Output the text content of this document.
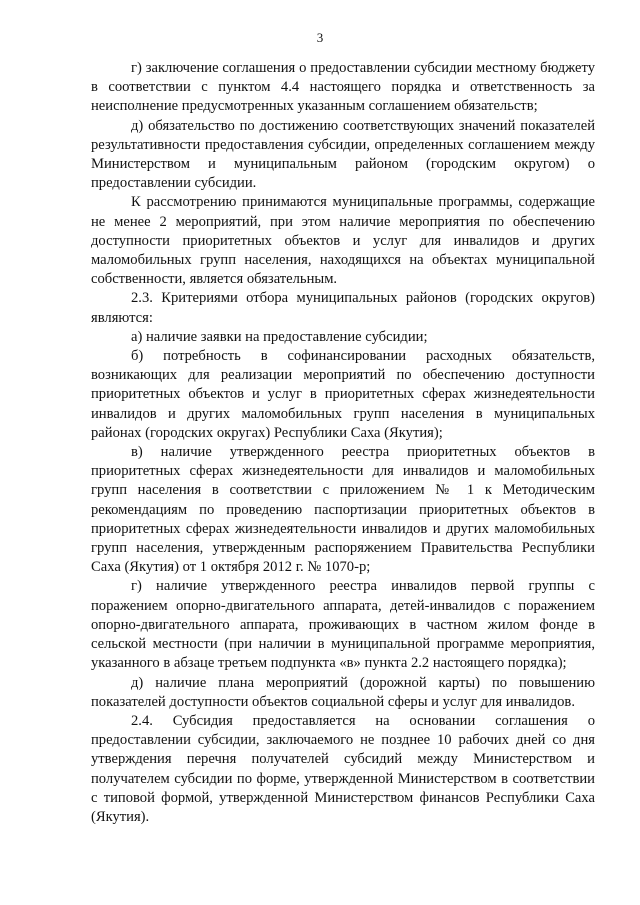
3

г) заключение соглашения о предоставлении субсидии местному бюджету в соответствии с пунктом 4.4 настоящего порядка и ответственность за неисполнение предусмотренных указанным соглашением обязательств;

д) обязательство по достижению соответствующих значений показателей результативности предоставления субсидии, определенных соглашением между Министерством и муниципальным районом (городским округом) о предоставлении субсидии.

К рассмотрению принимаются муниципальные программы, содержащие не менее 2 мероприятий, при этом наличие мероприятия по обеспечению доступности приоритетных объектов и услуг для инвалидов и других маломобильных групп населения, находящихся на объектах муниципальной собственности, является обязательным.

2.3. Критериями отбора муниципальных районов (городских округов) являются:

а) наличие заявки на предоставление субсидии;

б) потребность в софинансировании расходных обязательств, возникающих для реализации мероприятий по обеспечению доступности приоритетных объектов и услуг в приоритетных сферах жизнедеятельности инвалидов и других маломобильных групп населения в муниципальных районах (городских округах) Республики Саха (Якутия);

в) наличие утвержденного реестра приоритетных объектов в приоритетных сферах жизнедеятельности для инвалидов и маломобильных групп населения в соответствии с приложением № 1 к Методическим рекомендациям по проведению паспортизации приоритетных объектов в приоритетных сферах жизнедеятельности инвалидов и других маломобильных групп населения, утвержденным распоряжением Правительства Республики Саха (Якутия) от 1 октября 2012 г. № 1070-р;

г) наличие утвержденного реестра инвалидов первой группы с поражением опорно-двигательного аппарата, детей-инвалидов с поражением опорно-двигательного аппарата, проживающих в частном жилом фонде в сельской местности (при наличии в муниципальной программе мероприятия, указанного в абзаце третьем подпункта «в» пункта 2.2 настоящего порядка);

д) наличие плана мероприятий (дорожной карты) по повышению показателей доступности объектов социальной сферы и услуг для инвалидов.

2.4. Субсидия предоставляется на основании соглашения о предоставлении субсидии, заключаемого не позднее 10 рабочих дней со дня утверждения перечня получателей субсидий между Министерством и получателем субсидии по форме, утвержденной Министерством в соответствии с типовой формой, утвержденной Министерством финансов Республики Саха (Якутия).
